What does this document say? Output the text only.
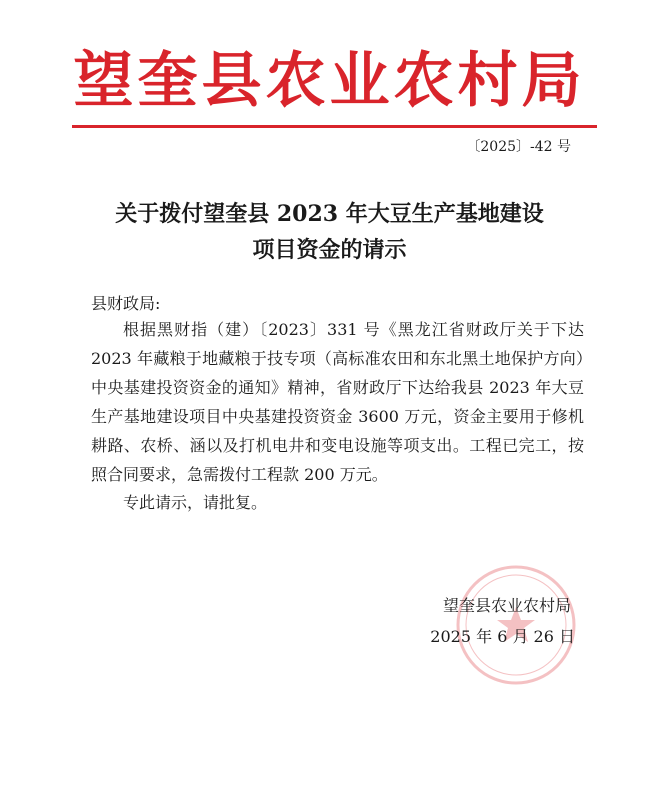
望奎县农业农村局
〔2025〕-42 号
关于拨付望奎县 2023 年大豆生产基地建设
项目资金的请示
县财政局:
根据黑财指（建）〔2023〕331 号《黑龙江省财政厅关于下达 2023 年藏粮于地藏粮于技专项（高标准农田和东北黑土地保护方向）中央基建投资资金的通知》精神，省财政厅下达给我县 2023 年大豆生产基地建设项目中央基建投资资金 3600 万元，资金主要用于修机耕路、农桥、涵以及打机电井和变电设施等项支出。工程已完工，按照合同要求，急需拨付工程款 200 万元。
专此请示，请批复。
望奎县农业农村局
2025 年 6 月 26 日
